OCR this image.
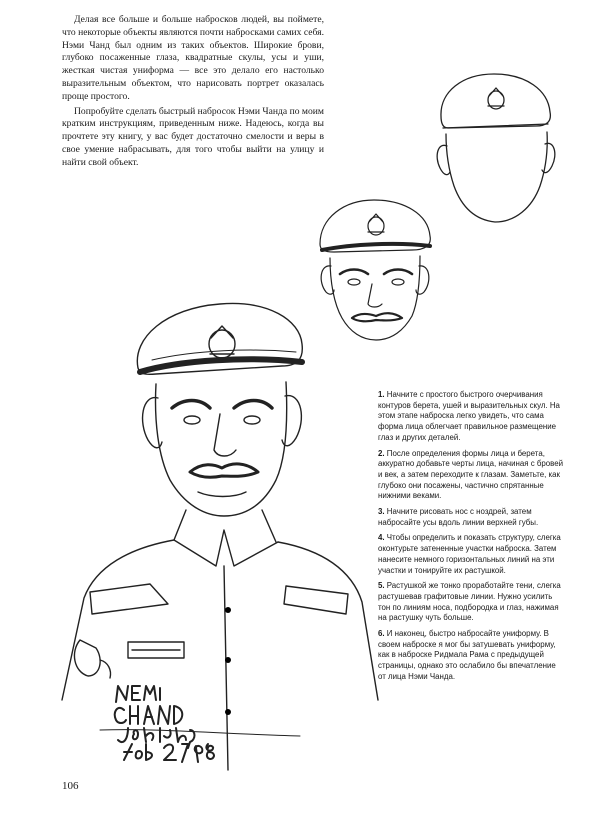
Делая все больше и больше набросков людей, вы поймете, что некоторые объекты являются почти набросками самих себя. Нэми Чанд был одним из таких объектов. Широкие брови, глубоко посаженные глаза, квадратные скулы, усы и уши, жесткая чистая униформа — все это делало его настолько выразительным объектом, что нарисовать портрет оказалась проще простого.

Попробуйте сделать быстрый набросок Нэми Чанда по моим кратким инструкциям, приведенным ниже. Надеюсь, когда вы прочтете эту книгу, у вас будет достаточно смелости и веры в свое умение набрасывать, для того чтобы выйти на улицу и найти свой объект.

1. Начните с простого быстрого очерчивания контуров берета, ушей и выразительных скул. На этом этапе наброска легко увидеть, что сама форма лица облегчает правильное размещение глаз и других деталей.

2. После определения формы лица и берета, аккуратно добавьте черты лица, начиная с бровей и век, а затем переходите к глазам. Заметьте, как глубоко они посажены, частично спрятанные нижними веками.

3. Начните рисовать нос с ноздрей, затем набросайте усы вдоль линии верхней губы.

4. Чтобы определить и показать структуру, слегка оконтурьте затененные участки наброска. Затем нанесите немного горизонтальных линий на эти участки и тонируйте их растушкой.

5. Растушкой же тонко проработайте тени, слегка растушевав графитовые линии. Нужно усилить тон по линиям носа, подбородка и глаз, нажимая на растушку чуть больше.

6. И наконец, быстро набросайте униформу. В своем наброске я мог бы затушевать униформу, как в наброске Ридмала Рама с предыдущей страницы, однако это ослабило бы впечатление от лица Нэми Чанда.

106
